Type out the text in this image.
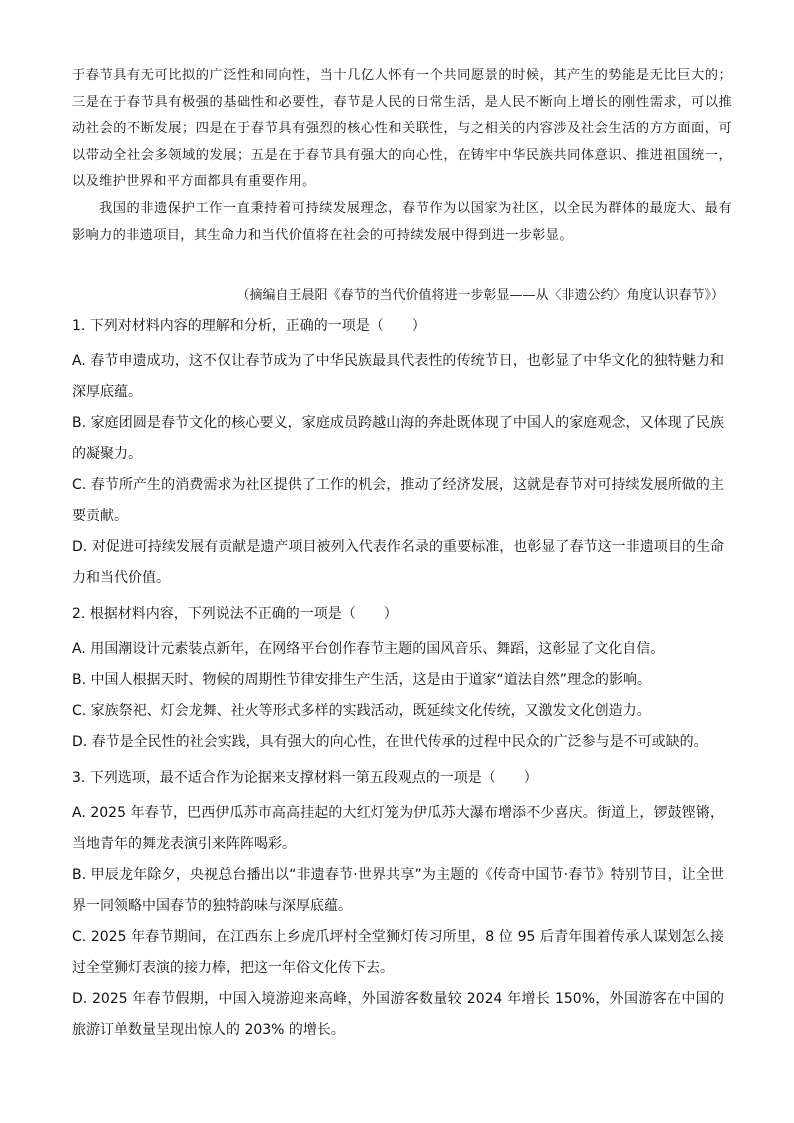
于春节具有无可比拟的广泛性和同向性，当十几亿人怀有一个共同愿景的时候，其产生的势能是无比巨大的；三是在于春节具有极强的基础性和必要性，春节是人民的日常生活，是人民不断向上增长的刚性需求，可以推动社会的不断发展；四是在于春节具有强烈的核心性和关联性，与之相关的内容涉及社会生活的方方面面，可以带动全社会多领域的发展；五是在于春节具有强大的向心性，在铸牢中华民族共同体意识、推进祖国统一，以及维护世界和平方面都具有重要作用。

我国的非遗保护工作一直秉持着可持续发展理念，春节作为以国家为社区，以全民为群体的最庞大、最有影响力的非遗项目，其生命力和当代价值将在社会的可持续发展中得到进一步彰显。

（摘编自王晨阳《春节的当代价值将进一步彰显——从〈非遗公约〉角度认识春节》）

1. 下列对材料内容的理解和分析，正确的一项是（　　）

A. 春节申遗成功，这不仅让春节成为了中华民族最具代表性的传统节日，也彰显了中华文化的独特魅力和深厚底蕴。

B. 家庭团圆是春节文化的核心要义，家庭成员跨越山海的奔赴既体现了中国人的家庭观念，又体现了民族的凝聚力。

C. 春节所产生的消费需求为社区提供了工作的机会，推动了经济发展，这就是春节对可持续发展所做的主要贡献。

D. 对促进可持续发展有贡献是遗产项目被列入代表作名录的重要标准，也彰显了春节这一非遗项目的生命力和当代价值。

2. 根据材料内容，下列说法不正确的一项是（　　）

A. 用国潮设计元素装点新年，在网络平台创作春节主题的国风音乐、舞蹈，这彰显了文化自信。

B. 中国人根据天时、物候的周期性节律安排生产生活，这是由于道家“道法自然”理念的影响。

C. 家族祭祀、灯会龙舞、社火等形式多样的实践活动，既延续文化传统，又激发文化创造力。

D. 春节是全民性的社会实践，具有强大的向心性，在世代传承的过程中民众的广泛参与是不可或缺的。

3. 下列选项，最不适合作为论据来支撑材料一第五段观点的一项是（　　）

A. 2025 年春节，巴西伊瓜苏市高高挂起的大红灯笼为伊瓜苏大瀑布增添不少喜庆。街道上，锣鼓铿锵，当地青年的舞龙表演引来阵阵喝彩。

B. 甲辰龙年除夕，央视总台播出以“非遗春节·世界共享”为主题的《传奇中国节·春节》特别节目，让全世界一同领略中国春节的独特韵味与深厚底蕴。

C. 2025 年春节期间，在江西东上乡虎爪坪村全堂狮灯传习所里，8 位 95 后青年围着传承人谋划怎么接过全堂狮灯表演的接力棒，把这一年俗文化传下去。

D. 2025 年春节假期，中国入境游迎来高峰，外国游客数量较 2024 年增长 150%，外国游客在中国的旅游订单数量呈现出惊人的 203% 的增长。
